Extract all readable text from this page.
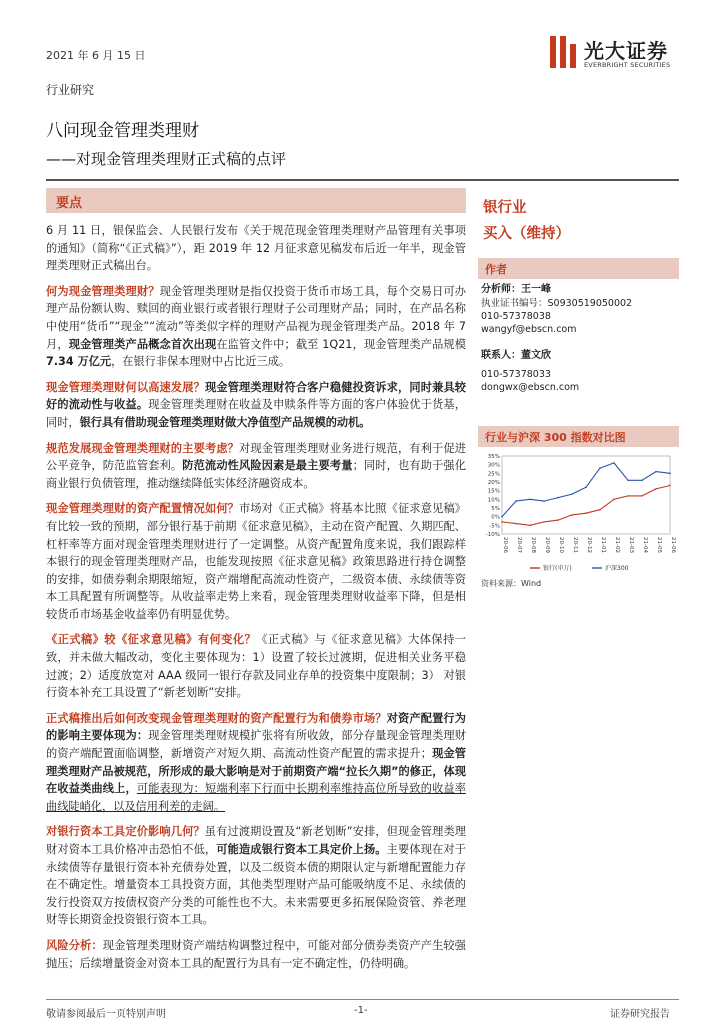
2021 年 6 月 15 日	光大证券
EVERBRIGHT SECURITIES
行业研究
八问现金管理类理财
——对现金管理类理财正式稿的点评
要点

6 月 11 日，银保监会、人民银行发布《关于规范现金管理类理财产品管理有关事项的通知》（简称“《正式稿》”），距 2019 年 12 月征求意见稿发布后近一年半，现金管理类理财正式稿出台。

何为现金管理类理财？现金管理类理财是指仅投资于货币市场工具，每个交易日可办理产品份额认购、赎回的商业银行或者银行理财子公司理财产品；同时，在产品名称中使用“货币”“现金”“流动”等类似字样的理财产品视为现金管理类产品。2018 年 7 月，现金管理类产品概念首次出现在监管文件中；截至 1Q21，现金管理类产品规模 7.34 万亿元，在银行非保本理财中占比近三成。

现金管理类理财何以高速发展？现金管理类理财符合客户稳健投资诉求，同时兼具较好的流动性与收益。现金管理类理财在收益及申赎条件等方面的客户体验优于货基，同时，银行具有借助现金管理类理财做大净值型产品规模的动机。

规范发展现金管理类理财的主要考虑？对现金管理类理财业务进行规范，有利于促进公平竞争，防范监管套利。防范流动性风险因素是最主要考量；同时，也有助于强化商业银行负债管理，推动继续降低实体经济融资成本。

现金管理类理财的资产配置情况如何？市场对《正式稿》将基本比照《征求意见稿》有比较一致的预期，部分银行基于前期《征求意见稿》，主动在资产配置、久期匹配、杠杆率等方面对现金管理类理财进行了一定调整。从资产配置角度来说，我们跟踪样本银行的现金管理类理财产品，也能发现按照《征求意见稿》政策思路进行持仓调整的安排，如债券剩余期限缩短，资产端增配高流动性资产，二级资本债、永续债等资本工具配置有所调整等。从收益率走势上来看，现金管理类理财收益率下降，但是相较货币市场基金收益率仍有明显优势。

《正式稿》较《征求意见稿》有何变化？《正式稿》与《征求意见稿》大体保持一致，并未做大幅改动，变化主要体现为：1）设置了较长过渡期，促进相关业务平稳过渡；2）适度放宽对 AAA 级同一银行存款及同业存单的投资集中度限制；3） 对银行资本补充工具设置了“新老划断”安排。

正式稿推出后如何改变现金管理类理财的资产配置行为和债券市场？对资产配置行为的影响主要体现为：现金管理类理财规模扩张将有所收敛，部分存量现金管理类理财的资产端配置面临调整，新增资产对短久期、高流动性资产配置的需求提升；现金管理类理财产品被规范，所形成的最大影响是对于前期资产端“拉长久期”的修正，体现在收益类曲线上，可能表现为：短端利率下行而中长期利率维持高位所导致的收益率曲线陡峭化，以及信用利差的走阔。

对银行资本工具定价影响几何？虽有过渡期设置及“新老划断”安排，但现金管理类理财对资本工具价格冲击恐怕不低，可能造成银行资本工具定价上扬。主要体现在对于永续债等存量银行资本补充债券处置，以及二级资本债的期限认定与新增配置能力存在不确定性。增量资本工具投资方面，其他类型理财产品可能吸纳度不足、永续债的发行投资双方按债权资产分类的可能性也不大。未来需要更多拓展保险资管、养老理财等长期资金投资银行资本工具。

风险分析：现金管理类理财资产端结构调整过程中，可能对部分债券类资产产生较强抛压；后续增量资金对资本工具的配置行为具有一定不确定性，仍待明确。

银行业
买入（维持）
作者
分析师：王一峰
执业证书编号：S0930519050002
010-57378038
wangyf@ebscn.com
联系人：董文欣
010-57378033
dongwx@ebscn.com
行业与沪深 300 指数对比图
-10%
-5%
0%
5%
10%
15%
20%
25%
30%
35%
20-06 20-07 20-08 20-09 20-10 20-11 20-12 21-01 21-02 21-03 21-04 21-05 21-06
银行(申万)	沪深300
资料来源：Wind
敬请参阅最后一页特别声明	-1-	证券研究报告
